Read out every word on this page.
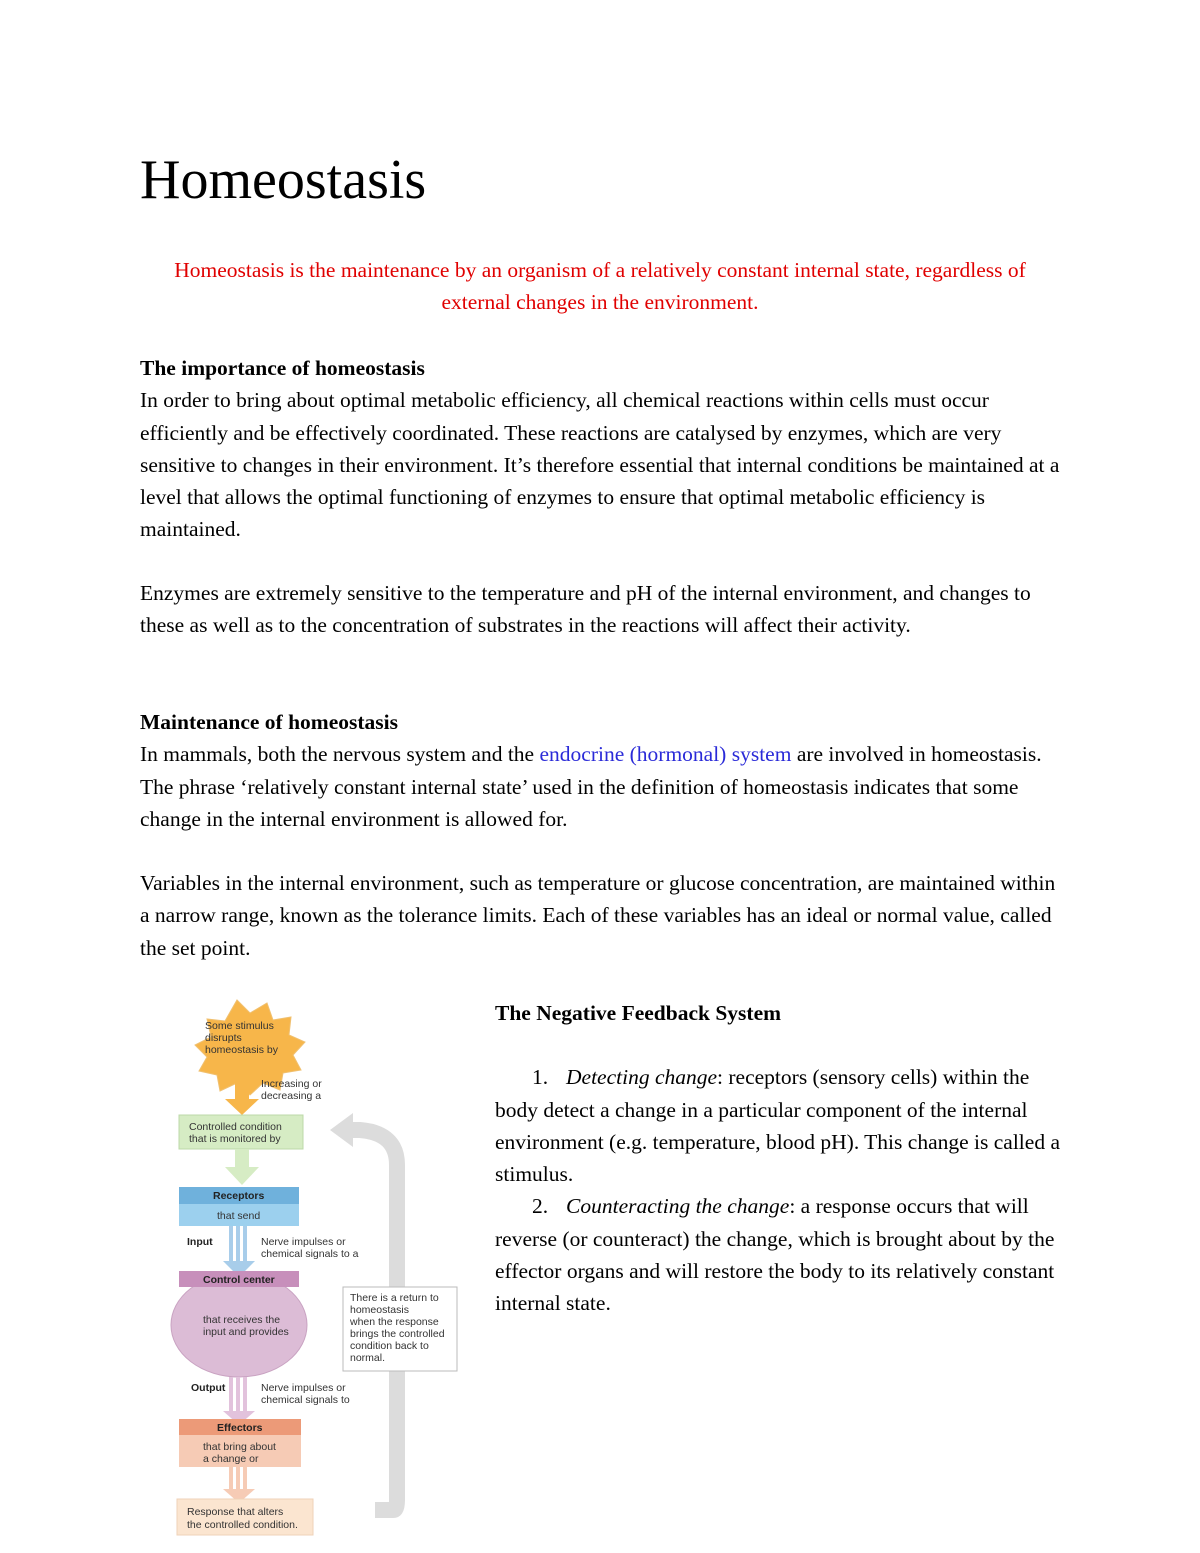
Homeostasis

Homeostasis is the maintenance by an organism of a relatively constant internal state, regardless of external changes in the environment.

The importance of homeostasis
In order to bring about optimal metabolic efficiency, all chemical reactions within cells must occur efficiently and be effectively coordinated. These reactions are catalysed by enzymes, which are very sensitive to changes in their environment. It’s therefore essential that internal conditions be maintained at a level that allows the optimal functioning of enzymes to ensure that optimal metabolic efficiency is maintained.

Enzymes are extremely sensitive to the temperature and pH of the internal environment, and changes to these as well as to the concentration of substrates in the reactions will affect their activity.

Maintenance of homeostasis
In mammals, both the nervous system and the endocrine (hormonal) system are involved in homeostasis. The phrase ‘relatively constant internal state’ used in the definition of homeostasis indicates that some change in the internal environment is allowed for.

Variables in the internal environment, such as temperature or glucose concentration, are maintained within a narrow range, known as the tolerance limits. Each of these variables has an ideal or normal value, called the set point.

Some stimulus
disrupts
homeostasis by
Increasing or
decreasing a
Controlled condition
that is monitored by
Receptors
that send
Input	Nerve impulses or
chemical signals to a
Control center
that receives the
input and provides
There is a return to
homeostasis
when the response
brings the controlled
condition back to
normal.
Output	Nerve impulses or
chemical signals to
Effectors
that bring about
a change or
Response that alters
the controlled condition.

The Negative Feedback System

1. Detecting change: receptors (sensory cells) within the body detect a change in a particular component of the internal environment (e.g. temperature, blood pH). This change is called a stimulus.

2. Counteracting the change: a response occurs that will reverse (or counteract) the change, which is brought about by the effector organs and will restore the body to its relatively constant internal state.
